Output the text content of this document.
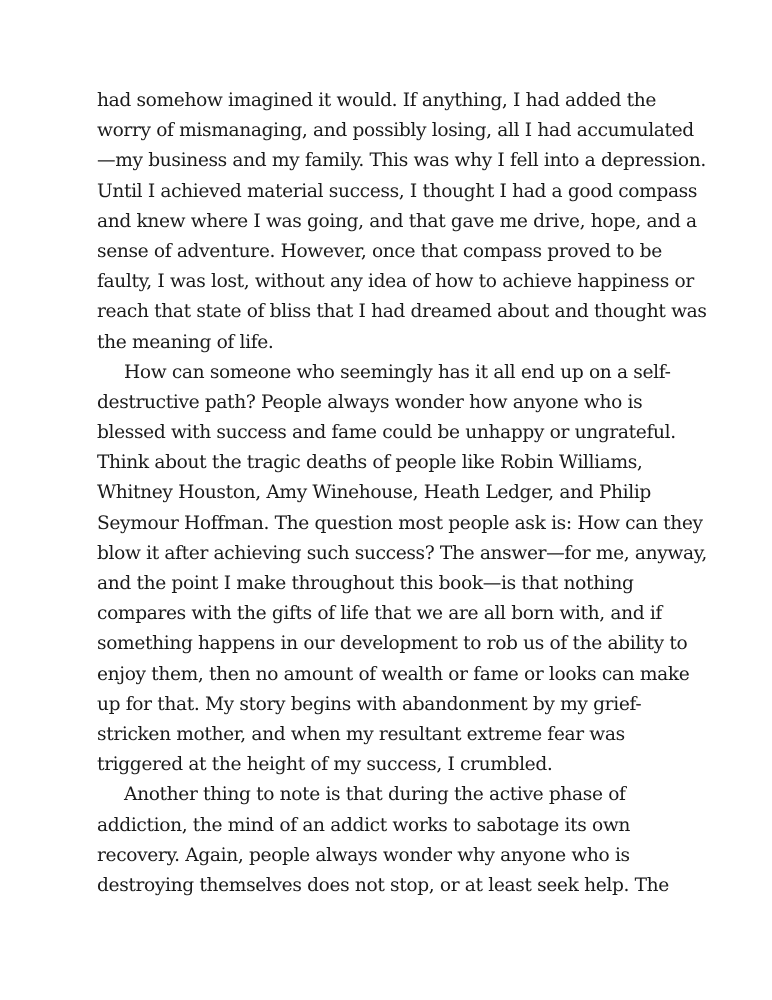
had somehow imagined it would. If anything, I had added the
worry of mismanaging, and possibly losing, all I had accumulated
—my business and my family. This was why I fell into a depression.
Until I achieved material success, I thought I had a good compass
and knew where I was going, and that gave me drive, hope, and a
sense of adventure. However, once that compass proved to be
faulty, I was lost, without any idea of how to achieve happiness or
reach that state of bliss that I had dreamed about and thought was
the meaning of life.
How can someone who seemingly has it all end up on a self-
destructive path? People always wonder how anyone who is
blessed with success and fame could be unhappy or ungrateful.
Think about the tragic deaths of people like Robin Williams,
Whitney Houston, Amy Winehouse, Heath Ledger, and Philip
Seymour Hoffman. The question most people ask is: How can they
blow it after achieving such success? The answer—for me, anyway,
and the point I make throughout this book—is that nothing
compares with the gifts of life that we are all born with, and if
something happens in our development to rob us of the ability to
enjoy them, then no amount of wealth or fame or looks can make
up for that. My story begins with abandonment by my grief-
stricken mother, and when my resultant extreme fear was
triggered at the height of my success, I crumbled.
Another thing to note is that during the active phase of
addiction, the mind of an addict works to sabotage its own
recovery. Again, people always wonder why anyone who is
destroying themselves does not stop, or at least seek help. The
